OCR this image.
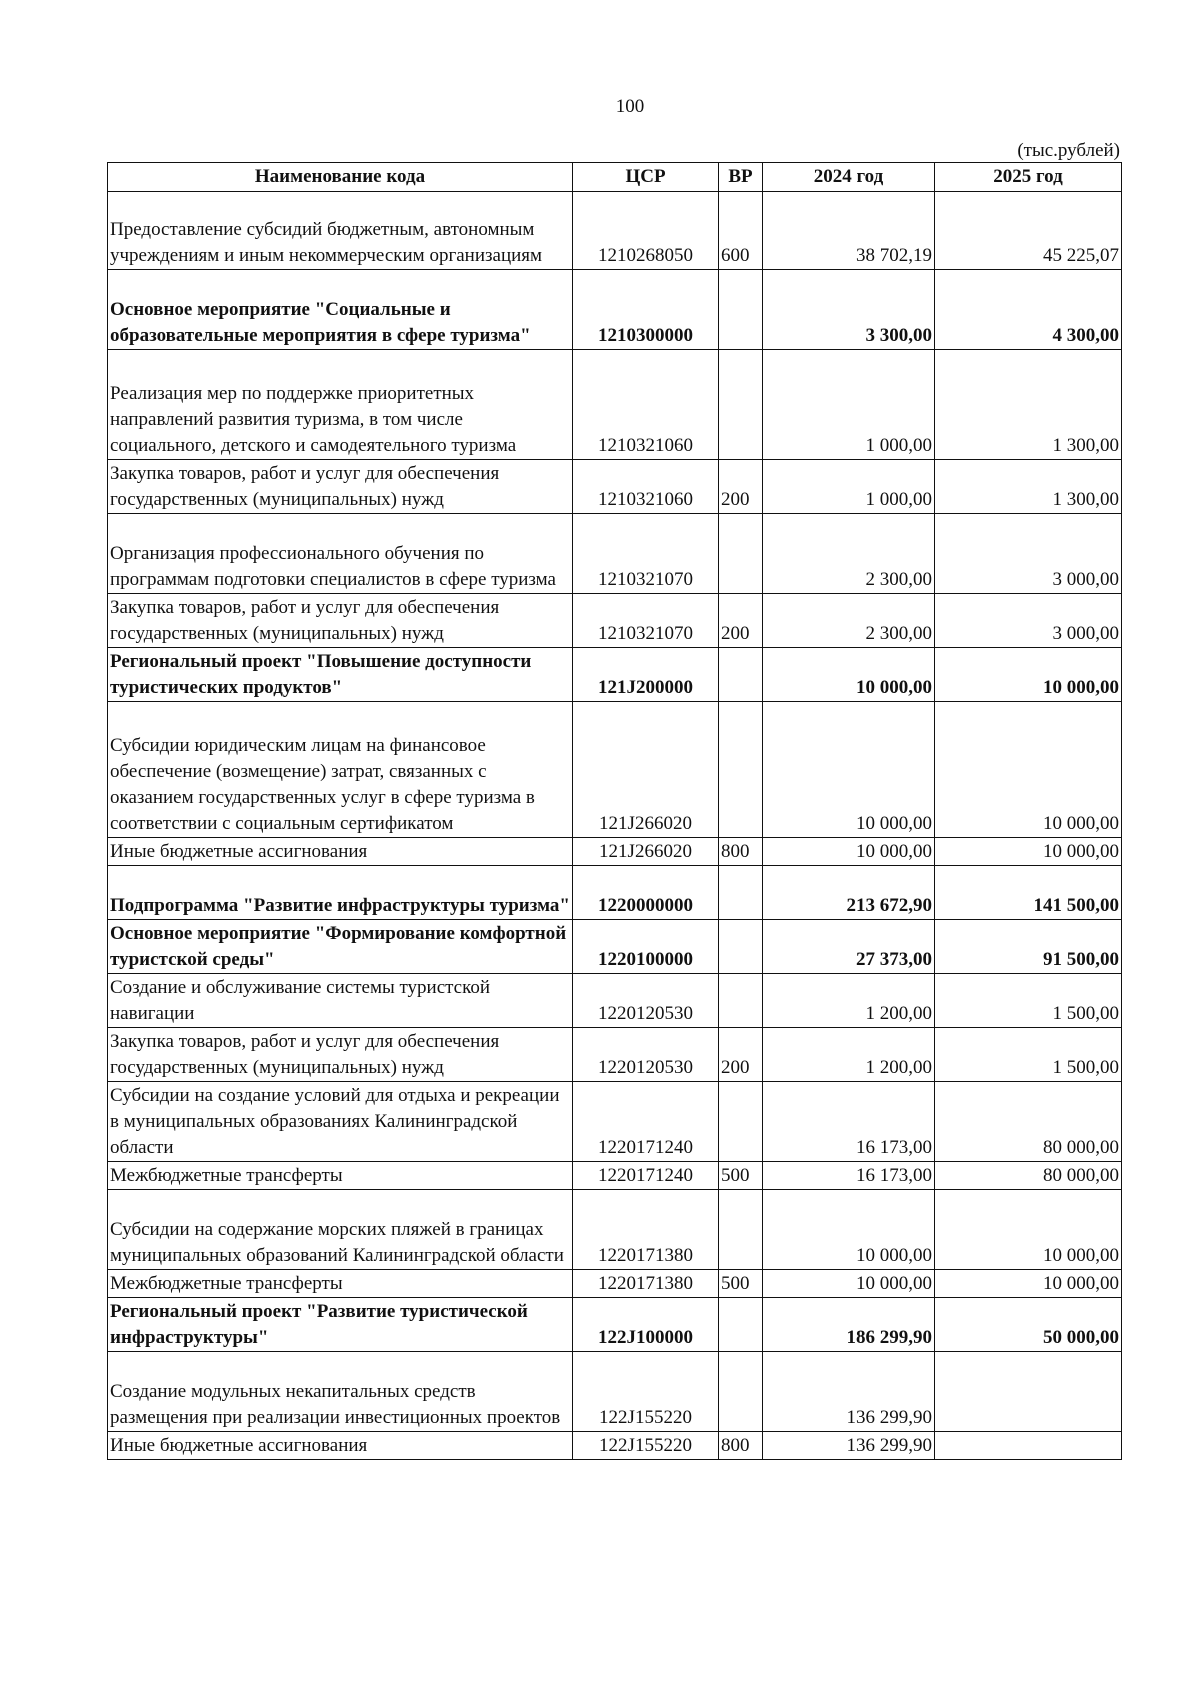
100
(тыс.рублей)
Наименование кода	ЦСР	ВР	2024 год	2025 год
Предоставление субсидий бюджетным, автономным учреждениям и иным некоммерческим организациям	1210268050	600	38 702,19	45 225,07
Основное мероприятие "Социальные и образовательные мероприятия в сфере туризма"	1210300000		3 300,00	4 300,00
Реализация мер по поддержке приоритетных направлений развития туризма, в том числе социального, детского и самодеятельного туризма	1210321060		1 000,00	1 300,00
Закупка товаров, работ и услуг для обеспечения государственных (муниципальных) нужд	1210321060	200	1 000,00	1 300,00
Организация профессионального обучения по программам подготовки специалистов в сфере туризма	1210321070		2 300,00	3 000,00
Закупка товаров, работ и услуг для обеспечения государственных (муниципальных) нужд	1210321070	200	2 300,00	3 000,00
Региональный проект "Повышение доступности туристических продуктов"	121J200000		10 000,00	10 000,00
Субсидии юридическим лицам на финансовое обеспечение (возмещение) затрат, связанных с оказанием государственных услуг в сфере туризма в соответствии с социальным сертификатом	121J266020		10 000,00	10 000,00
Иные бюджетные ассигнования	121J266020	800	10 000,00	10 000,00
Подпрограмма "Развитие инфраструктуры туризма"	1220000000		213 672,90	141 500,00
Основное мероприятие "Формирование комфортной туристской среды"	1220100000		27 373,00	91 500,00
Создание и обслуживание системы туристской навигации	1220120530		1 200,00	1 500,00
Закупка товаров, работ и услуг для обеспечения государственных (муниципальных) нужд	1220120530	200	1 200,00	1 500,00
Субсидии на создание условий для отдыха и рекреации в муниципальных образованиях Калининградской области	1220171240		16 173,00	80 000,00
Межбюджетные трансферты	1220171240	500	16 173,00	80 000,00
Субсидии на содержание морских пляжей в границах муниципальных образований Калининградской области	1220171380		10 000,00	10 000,00
Межбюджетные трансферты	1220171380	500	10 000,00	10 000,00
Региональный проект "Развитие туристической инфраструктуры"	122J100000		186 299,90	50 000,00
Создание модульных некапитальных средств размещения при реализации инвестиционных проектов	122J155220		136 299,90	
Иные бюджетные ассигнования	122J155220	800	136 299,90	
